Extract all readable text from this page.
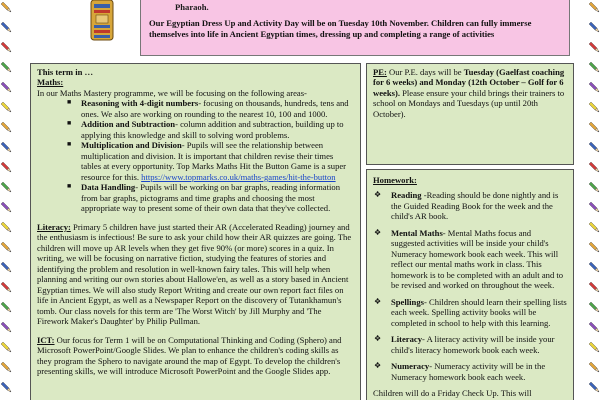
Pharaoh.
Our Egyptian Dress Up and Activity Day will be on Tuesday 10th November. Children can fully immerse themselves into life in Ancient Egyptian times, dressing up and completing a range of activities
This term in …
Maths:
In our Maths Mastery programme, we will be focusing on the following areas-
■ Reasoning with 4-digit numbers- focusing on thousands, hundreds, tens and ones. We also are working on rounding to the nearest 10, 100 and 1000.
■ Addition and Subtraction- column addition and subtraction, building up to applying this knowledge and skill to solving word problems.
■ Multiplication and Division- Pupils will see the relationship between multiplication and division. It is important that children revise their times tables at every opportunity. Top Marks Maths Hit the Button Game is a super resource for this. https://www.topmarks.co.uk/maths-games/hit-the-button
■ Data Handling- Pupils will be working on bar graphs, reading information from bar graphs, pictograms and time graphs and choosing the most appropriate way to present some of their own data that they've collected.

Literacy: Primary 5 children have just started their AR (Accelerated Reading) journey and the enthusiasm is infectious! Be sure to ask your child how their AR quizzes are going. The children will move up AR levels when they get five 90% (or more) scores in a quiz. In writing, we will be focusing on narrative fiction, studying the features of stories and identifying the problem and resolution in well-known fairy tales. This will help when planning and writing our own stories about Hallowe'en, as well as a story based in Ancient Egyptian times. We will also study Report Writing and create our own report fact files on life in Ancient Egypt, as well as a Newspaper Report on the discovery of Tutankhamun's tomb. Our class novels for this term are 'The Worst Witch' by Jill Murphy and 'The Firework Maker's Daughter' by Philip Pullman.

ICT: Our focus for Term 1 will be on Computational Thinking and Coding (Sphero) and Microsoft PowerPoint/Google Slides. We plan to enhance the children's coding skills as they program the Sphero to navigate around the map of Egypt. To develop the children's presenting skills, we will introduce Microsoft PowerPoint and the Google Slides app.

PE: Our P.E. days will be Tuesday (Gaelfast coaching for 6 weeks) and Monday (12th October – Golf for 6 weeks). Please ensure your child brings their trainers to school on Mondays and Tuesdays (up until 20th October).
Homework:
❖ Reading -Reading should be done nightly and is the Guided Reading Book for the week and the child's AR book.
❖ Mental Maths- Mental Maths focus and suggested activities will be inside your child's Numeracy homework book each week. This will reflect our mental maths work in class. This homework is to be completed with an adult and to be revised and worked on throughout the week.
❖ Spellings- Children should learn their spelling lists each week. Spelling activity books will be completed in school to help with this learning.
❖ Literacy- A literacy activity will be inside your child's literacy homework book each week.
❖ Numeracy- Numeracy activity will be in the Numeracy homework book each week.
Children will do a Friday Check Up. This will
